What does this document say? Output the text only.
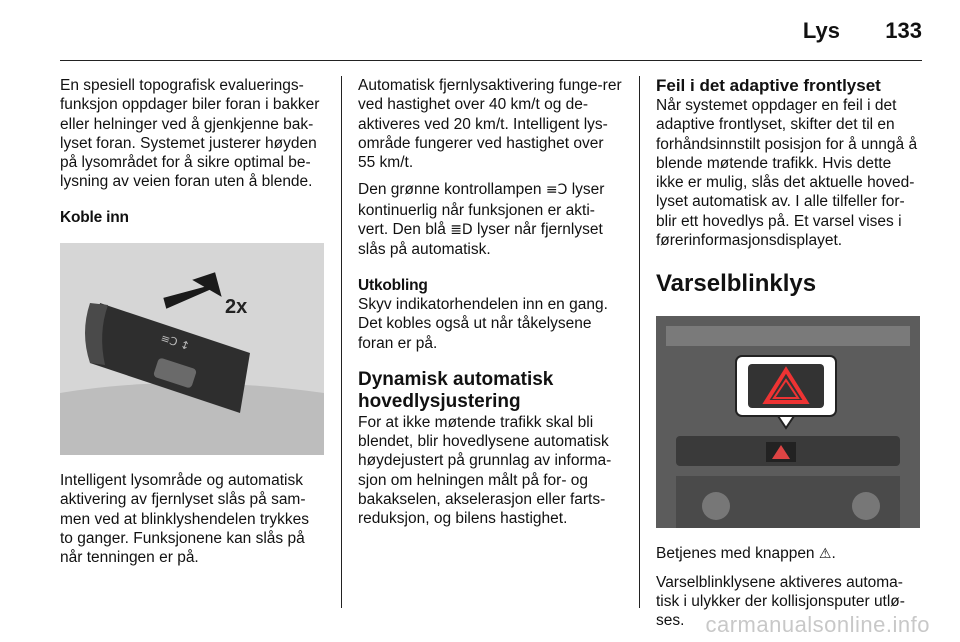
Lys 133

En spesiell topografisk evaluerings-funksjon oppdager biler foran i bakker eller helninger ved å gjenkjenne bak-lyset foran. Systemet justerer høyden på lysområdet for å sikre optimal be-lysning av veien foran uten å blende.

Koble inn
≡Ↄ ↕
2x

Intelligent lysområde og automatisk aktivering av fjernlyset slås på sam-men ved at blinklyshendelen trykkes to ganger. Funksjonene kan slås på når tenningen er på.

Automatisk fjernlysaktivering funge-rer ved hastighet over 40 km/t og de-aktiveres ved 20 km/t. Intelligent lys-område fungerer ved hastighet over 55 km/t.

Den grønne kontrollampen ≡Ↄ lyser kontinuerlig når funksjonen er akti-vert. Den blå ≣D lyser når fjernlyset slås på automatisk.

Utkobling

Skyv indikatorhendelen inn en gang. Det kobles også ut når tåkelysene foran er på.

Dynamisk automatisk hovedlysjustering

For at ikke møtende trafikk skal bli blendet, blir hovedlysene automatisk høydejustert på grunnlag av informa-sjon om helningen målt på for- og bakakselen, akselerasjon eller farts-reduksjon, og bilens hastighet.

Feil i det adaptive frontlyset

Når systemet oppdager en feil i det adaptive frontlyset, skifter det til en forhåndsinnstilt posisjon for å unngå å blende møtende trafikk. Hvis dette ikke er mulig, slås det aktuelle hoved-lyset automatisk av. I alle tilfeller for-blir ett hovedlys på. Et varsel vises i førerinformasjonsdisplayet.

Varselblinklys

Betjenes med knappen ⚠.

Varselblinklysene aktiveres automa-tisk i ulykker der kollisjonsputer utlø-ses. carmanualsonline.info
